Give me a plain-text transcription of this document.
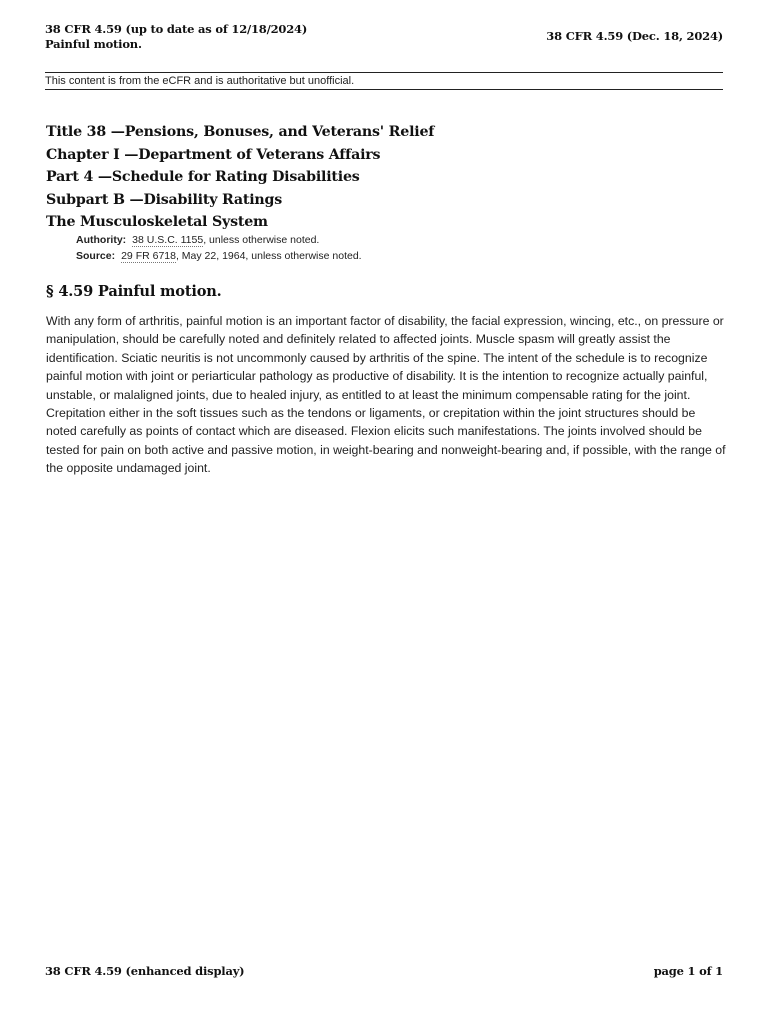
38 CFR 4.59 (up to date as of 12/18/2024)
Painful motion.
38 CFR 4.59 (Dec. 18, 2024)
This content is from the eCFR and is authoritative but unofficial.
Title 38 —Pensions, Bonuses, and Veterans' Relief
Chapter I —Department of Veterans Affairs
Part 4 —Schedule for Rating Disabilities
Subpart B —Disability Ratings
The Musculoskeletal System
Authority: 38 U.S.C. 1155, unless otherwise noted.
Source: 29 FR 6718, May 22, 1964, unless otherwise noted.
§ 4.59 Painful motion.

With any form of arthritis, painful motion is an important factor of disability, the facial expression, wincing, etc., on pressure or manipulation, should be carefully noted and definitely related to affected joints. Muscle spasm will greatly assist the identification. Sciatic neuritis is not uncommonly caused by arthritis of the spine. The intent of the schedule is to recognize painful motion with joint or periarticular pathology as productive of disability. It is the intention to recognize actually painful, unstable, or malaligned joints, due to healed injury, as entitled to at least the minimum compensable rating for the joint. Crepitation either in the soft tissues such as the tendons or ligaments, or crepitation within the joint structures should be noted carefully as points of contact which are diseased. Flexion elicits such manifestations. The joints involved should be tested for pain on both active and passive motion, in weight-bearing and nonweight-bearing and, if possible, with the range of the opposite undamaged joint.

38 CFR 4.59 (enhanced display)	page 1 of 1
